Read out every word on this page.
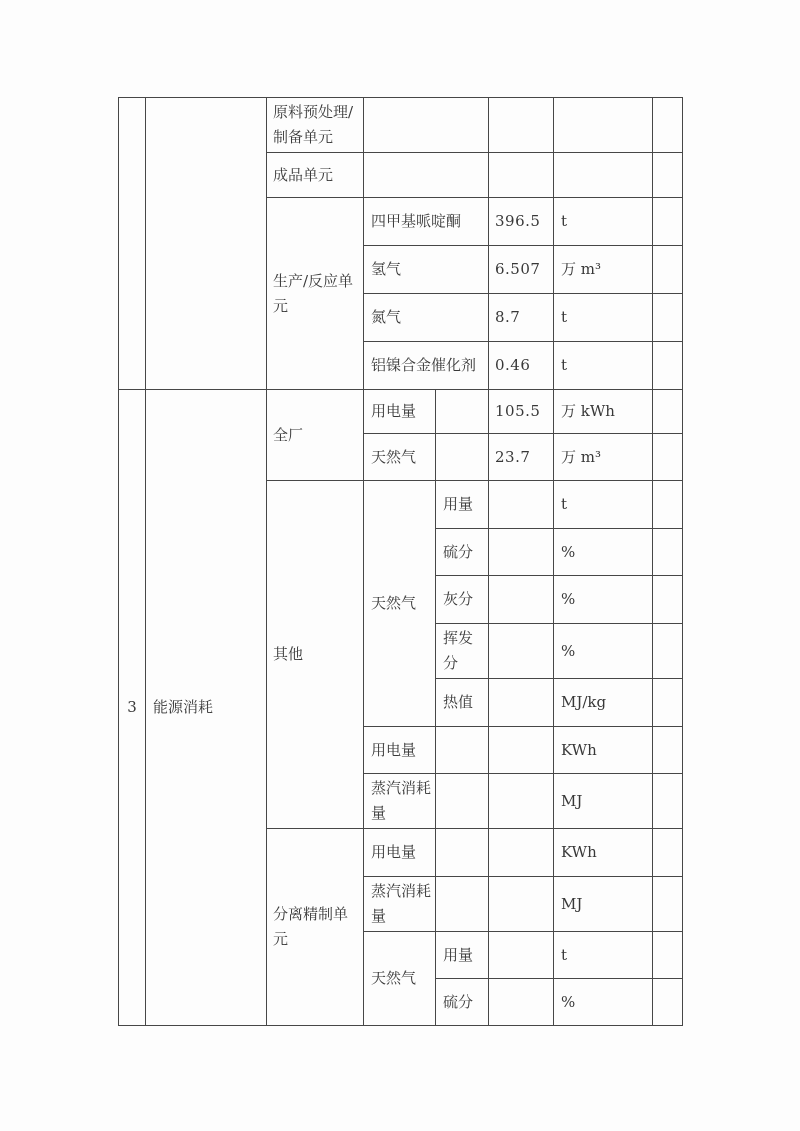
		原料预处理/制备单元					
		成品单元					
		生产/反应单元	四甲基哌啶酮		396.5	t	
			氢气		6.507	万 m³	
			氮气		8.7	t	
			铝镍合金催化剂		0.46	t	
3	能源消耗	全厂	用电量		105.5	万 kWh	
			天然气		23.7	万 m³	
		其他	天然气	用量		t	
				硫分		%	
				灰分		%	
				挥发分		%	
				热值		MJ/kg	
			用电量			KWh	
			蒸汽消耗量			MJ	
		分离精制单元	用电量			KWh	
			蒸汽消耗量			MJ	
			天然气	用量		t	
				硫分		%	
